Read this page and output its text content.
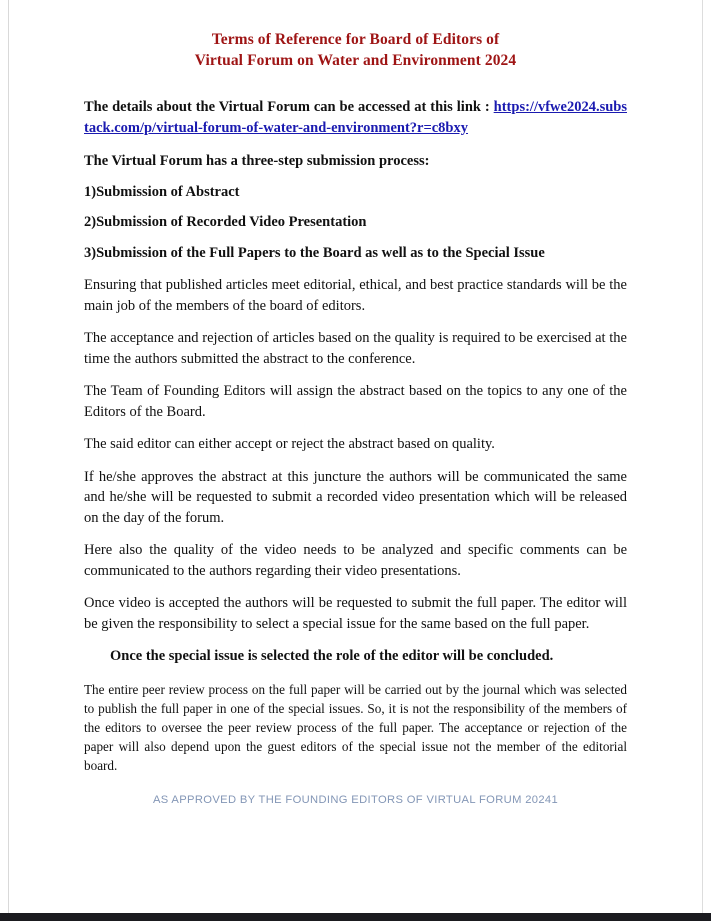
Terms of Reference for Board of Editors of
Virtual Forum on Water and Environment 2024

The details about the Virtual Forum can be accessed at this link : https://vfwe2024.substack.com/p/virtual-forum-of-water-and-environment?r=c8bxy

The Virtual Forum has a three-step submission process:

1)Submission of Abstract

2)Submission of Recorded Video Presentation

3)Submission of the Full Papers to the Board as well as to the Special Issue

Ensuring that published articles meet editorial, ethical, and best practice standards will be the main job of the members of the board of editors.

The acceptance and rejection of articles based on the quality is required to be exercised at the time the authors submitted the abstract to the conference.

The Team of Founding Editors will assign the abstract based on the topics to any one of the Editors of the Board.

The said editor can either accept or reject the abstract based on quality.

If he/she approves the abstract at this juncture the authors will be communicated the same and he/she will be requested to submit a recorded video presentation which will be released on the day of the forum.

Here also the quality of the video needs to be analyzed and specific comments can be communicated to the authors regarding their video presentations.

Once video is accepted the authors will be requested to submit the full paper. The editor will be given the responsibility to select a special issue for the same based on the full paper.

Once the special issue is selected the role of the editor will be concluded.

The entire peer review process on the full paper will be carried out by the journal which was selected to publish the full paper in one of the special issues. So, it is not the responsibility of the members of the editors to oversee the peer review process of the full paper. The acceptance or rejection of the paper will also depend upon the guest editors of the special issue not the member of the editorial board.

AS APPROVED BY THE FOUNDING EDITORS OF VIRTUAL FORUM 20241
